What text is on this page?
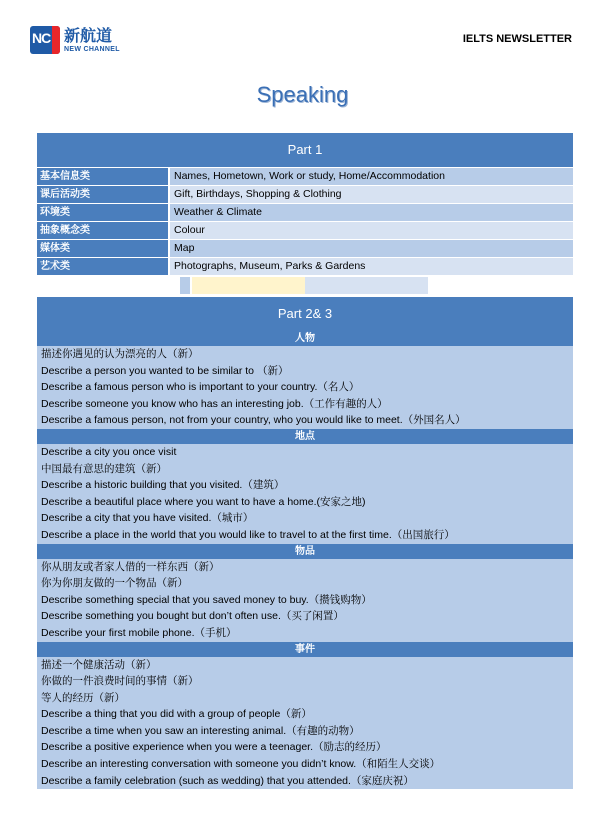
NC 新航道
NEW CHANNEL
IELTS NEWSLETTER
Speaking
Part 1
基本信息类	Names, Hometown, Work or study, Home/Accommodation
课后活动类	Gift, Birthdays, Shopping & Clothing
环境类	Weather & Climate
抽象概念类	Colour
媒体类	Map
艺术类	Photographs, Museum, Parks & Gardens
Part 2& 3
人物
描述你遇见的认为漂亮的人（新）
Describe a person you wanted to be similar to （新）
Describe a famous person who is important to your country.（名人）
Describe someone you know who has an interesting job.（工作有趣的人）
Describe a famous person, not from your country, who you would like to meet.（外国名人）
地点
Describe a city you once visit
中国最有意思的建筑（新）
Describe a historic building that you visited.（建筑）
Describe a beautiful place where you want to have a home.(安家之地)
Describe a city that you have visited.（城市）
Describe a place in the world that you would like to travel to at the first time.（出国旅行）
物品
你从朋友或者家人借的一样东西（新）
你为你朋友做的一个物品（新）
Describe something special that you saved money to buy.（攒钱购物）
Describe something you bought but don’t often use.（买了闲置）
Describe your first mobile phone.（手机）
事件
描述一个健康活动（新）
你做的一件浪费时间的事情（新）
等人的经历（新）
Describe a thing that you did with a group of people（新）
Describe a time when you saw an interesting animal.（有趣的动物）
Describe a positive experience when you were a teenager.（励志的经历）
Describe an interesting conversation with someone you didn’t know.（和陌生人交谈）
Describe a family celebration (such as wedding) that you attended.（家庭庆祝）
